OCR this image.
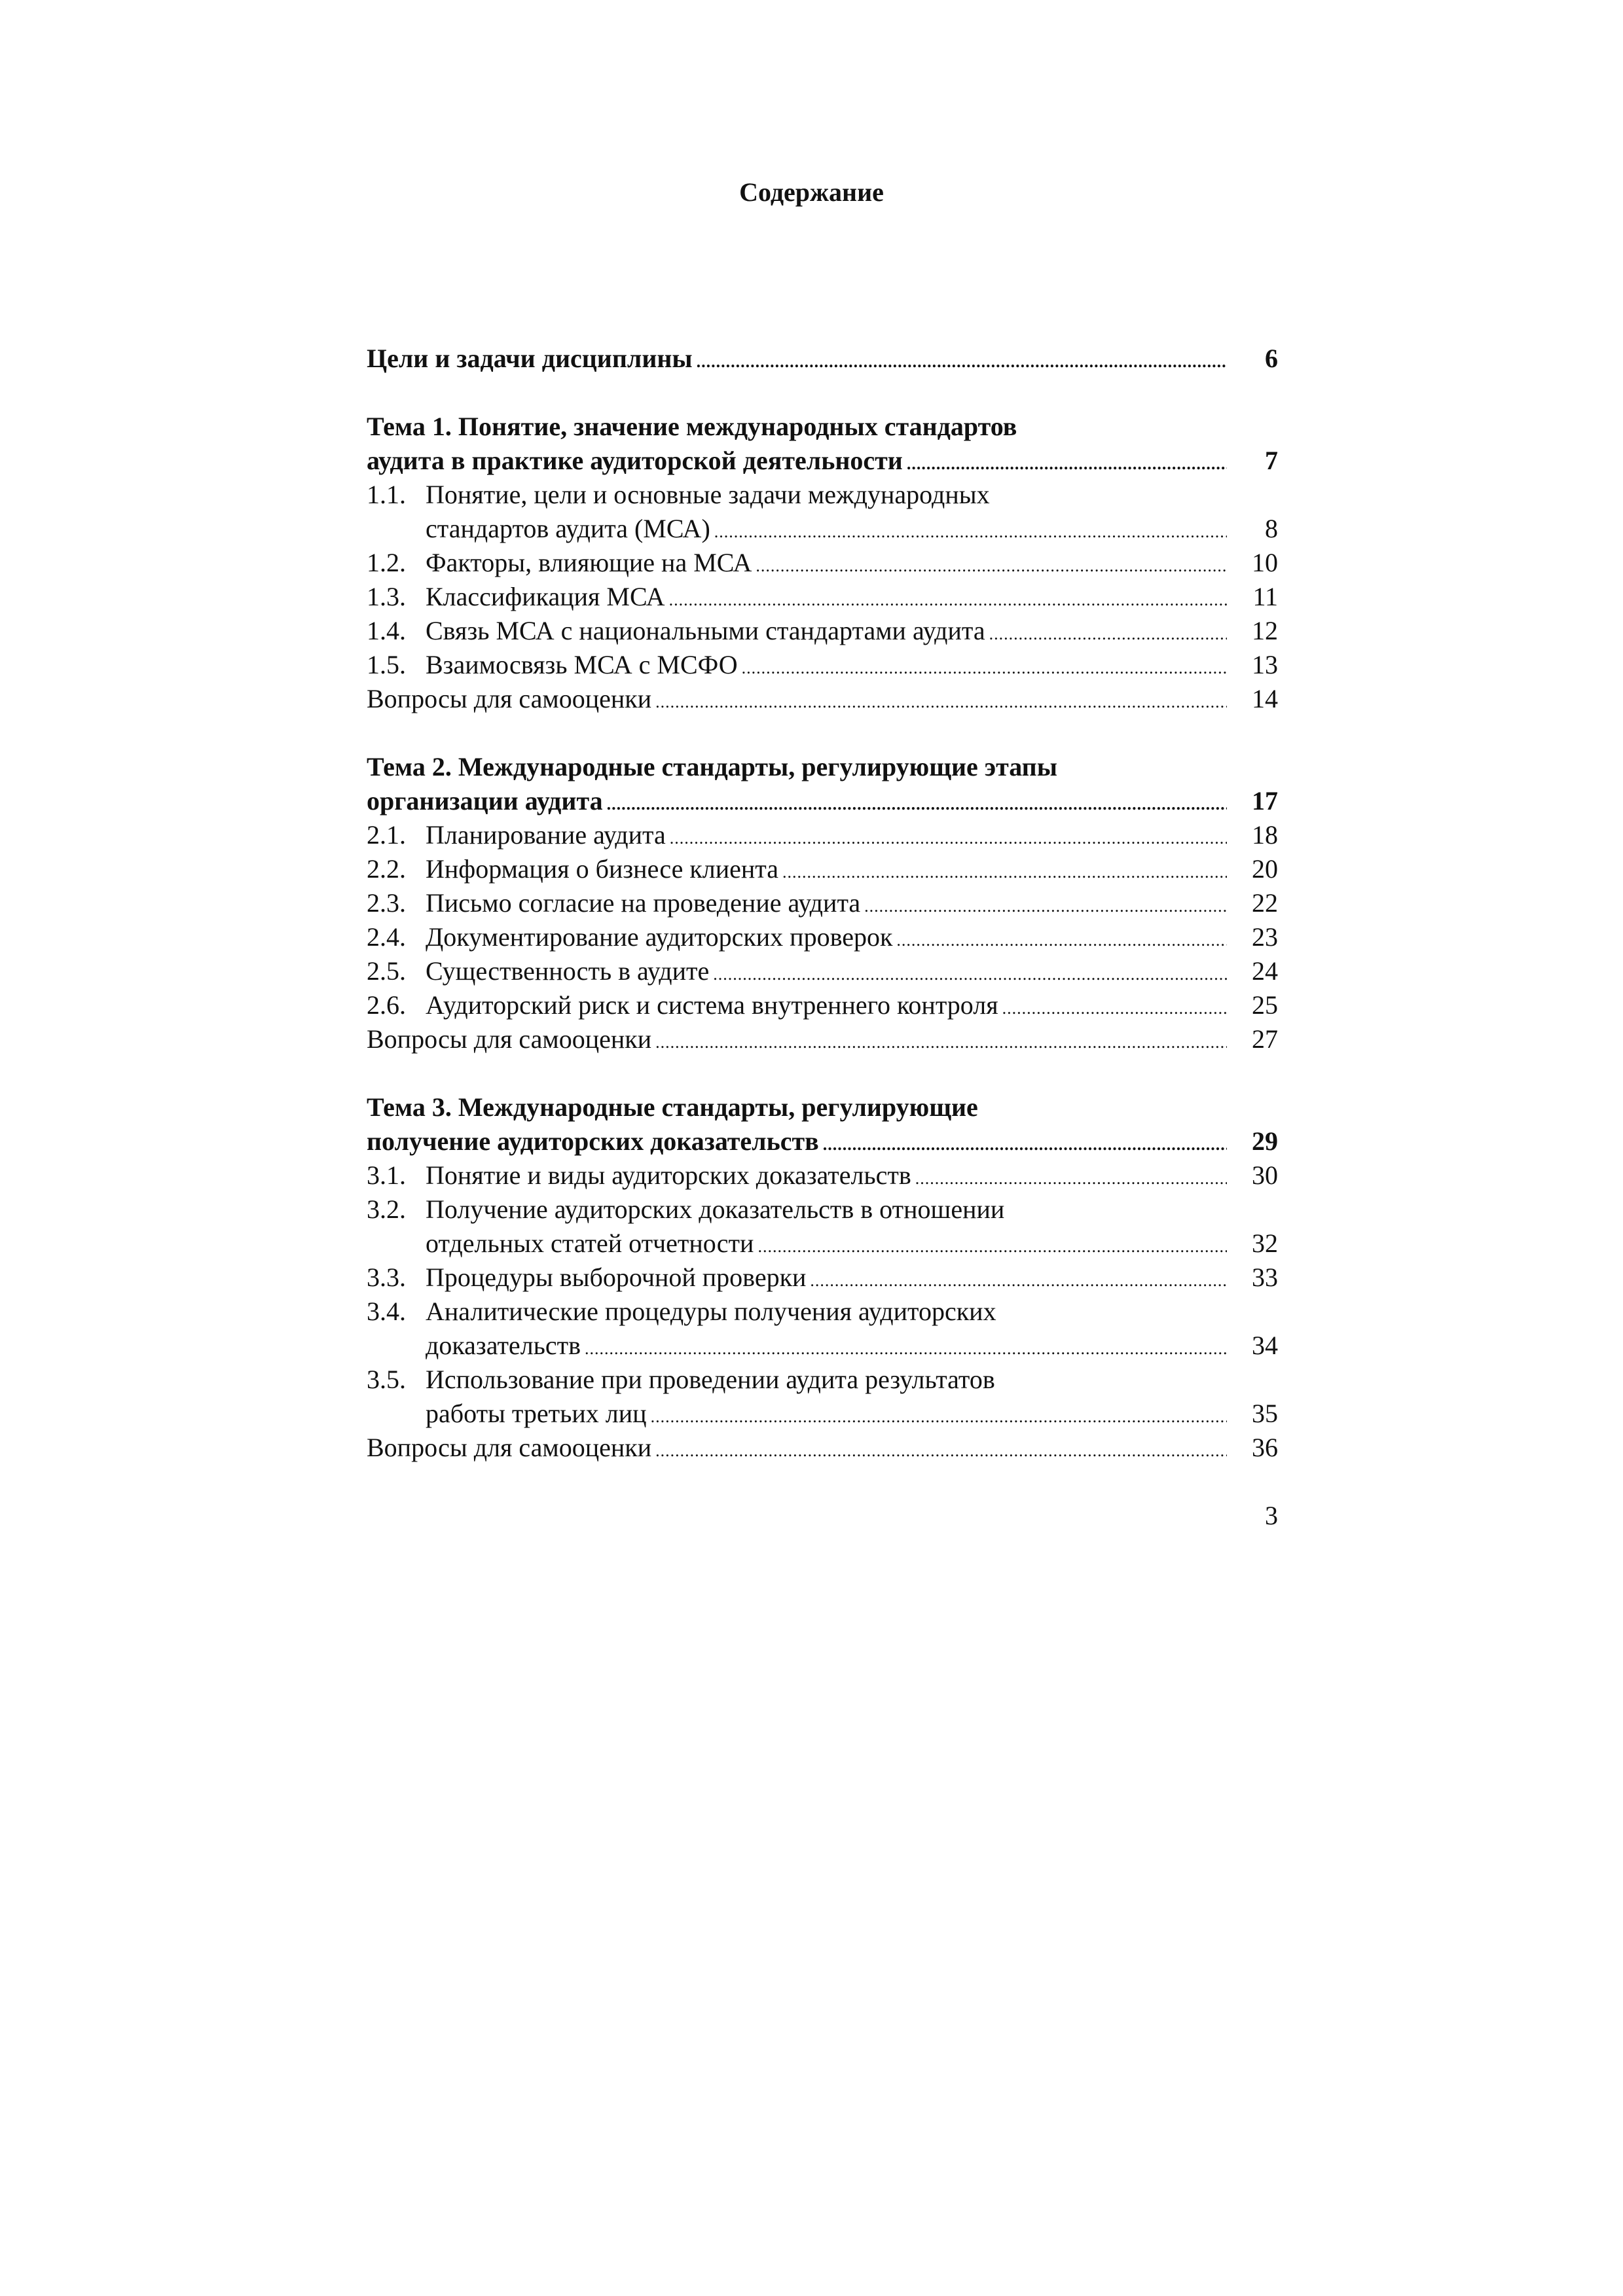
Содержание
Цели и задачи дисциплины .....	6
Тема 1. Понятие, значение международных стандартов
аудита в практике аудиторской деятельности .....	7
1.1. Понятие, цели и основные задачи международных
стандартов аудита (МСА) .....	8
1.2. Факторы, влияющие на МСА .....	10
1.3. Классификация МСА .....	11
1.4. Связь МСА с национальными стандартами аудита .....	12
1.5. Взаимосвязь МСА с МСФО .....	13
Вопросы для самооценки .....	14
Тема 2. Международные стандарты, регулирующие этапы
организации аудита .....	17
2.1. Планирование аудита .....	18
2.2. Информация о бизнесе клиента .....	20
2.3. Письмо согласие на проведение аудита .....	22
2.4. Документирование аудиторских проверок .....	23
2.5. Существенность в аудите .....	24
2.6. Аудиторский риск и система внутреннего контроля .....	25
Вопросы для самооценки .....	27
Тема 3. Международные стандарты, регулирующие
получение аудиторских доказательств .....	29
3.1. Понятие и виды аудиторских доказательств .....	30
3.2. Получение аудиторских доказательств в отношении
отдельных статей отчетности .....	32
3.3. Процедуры выборочной проверки .....	33
3.4. Аналитические процедуры получения аудиторских
доказательств .....	34
3.5. Использование при проведении аудита результатов
работы третьих лиц .....	35
Вопросы для самооценки .....	36
3
